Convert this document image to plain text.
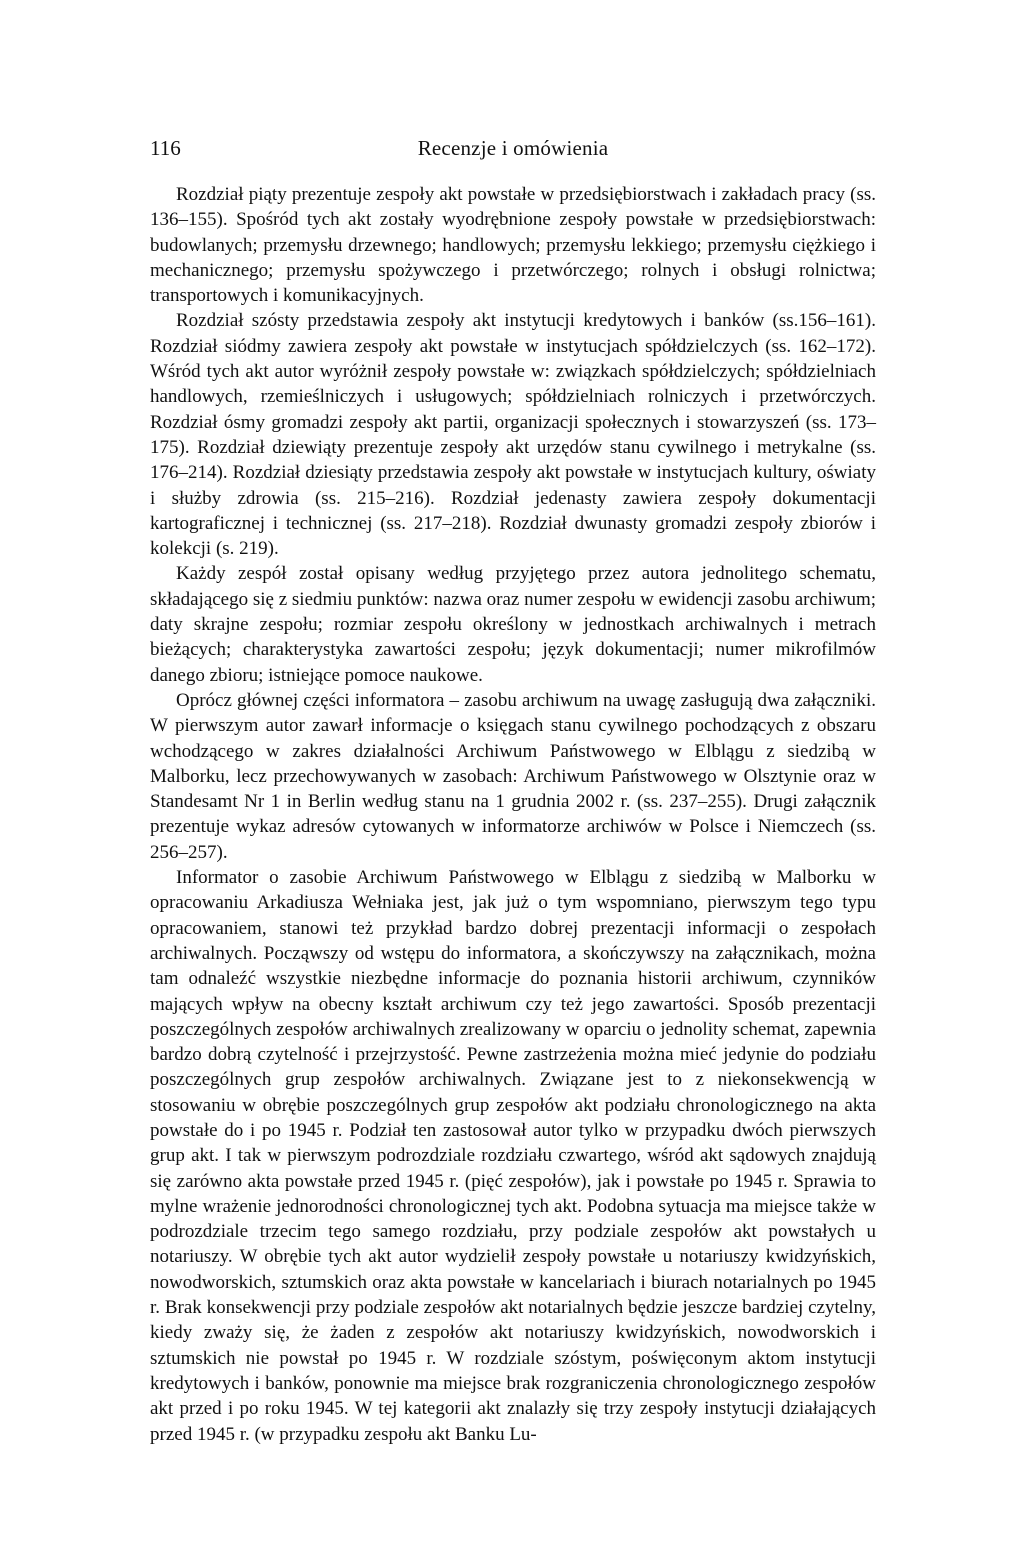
116	Recenzje i omówienia

Rozdział piąty prezentuje zespoły akt powstałe w przedsiębiorstwach i zakładach pracy (ss. 136–155). Spośród tych akt zostały wyodrębnione zespoły powstałe w przedsiębiorstwach: budowlanych; przemysłu drzewnego; handlowych; przemysłu lekkiego; przemysłu ciężkiego i mechanicznego; przemysłu spożywczego i przetwórczego; rolnych i obsługi rolnictwa; transportowych i komunikacyjnych.

Rozdział szósty przedstawia zespoły akt instytucji kredytowych i banków (ss.156–161). Rozdział siódmy zawiera zespoły akt powstałe w instytucjach spółdzielczych (ss. 162–172). Wśród tych akt autor wyróżnił zespoły powstałe w: związkach spółdzielczych; spółdzielniach handlowych, rzemieślniczych i usługowych; spółdzielniach rolniczych i przetwórczych. Rozdział ósmy gromadzi zespoły akt partii, organizacji społecznych i stowarzyszeń (ss. 173–175). Rozdział dziewiąty prezentuje zespoły akt urzędów stanu cywilnego i metrykalne (ss. 176–214). Rozdział dziesiąty przedstawia zespoły akt powstałe w instytucjach kultury, oświaty i służby zdrowia (ss. 215–216). Rozdział jedenasty zawiera zespoły dokumentacji kartograficznej i technicznej (ss. 217–218). Rozdział dwunasty gromadzi zespoły zbiorów i kolekcji (s. 219).

Każdy zespół został opisany według przyjętego przez autora jednolitego schematu, składającego się z siedmiu punktów: nazwa oraz numer zespołu w ewidencji zasobu archiwum; daty skrajne zespołu; rozmiar zespołu określony w jednostkach archiwalnych i metrach bieżących; charakterystyka zawartości zespołu; język dokumentacji; numer mikrofilmów danego zbioru; istniejące pomoce naukowe.

Oprócz głównej części informatora – zasobu archiwum na uwagę zasługują dwa załączniki. W pierwszym autor zawarł informacje o księgach stanu cywilnego pochodzących z obszaru wchodzącego w zakres działalności Archiwum Państwowego w Elblągu z siedzibą w Malborku, lecz przechowywanych w zasobach: Archiwum Państwowego w Olsztynie oraz w Standesamt Nr 1 in Berlin według stanu na 1 grudnia 2002 r. (ss. 237–255). Drugi załącznik prezentuje wykaz adresów cytowanych w informatorze archiwów w Polsce i Niemczech (ss. 256–257).

Informator o zasobie Archiwum Państwowego w Elblągu z siedzibą w Malborku w opracowaniu Arkadiusza Wełniaka jest, jak już o tym wspomniano, pierwszym tego typu opracowaniem, stanowi też przykład bardzo dobrej prezentacji informacji o zespołach archiwalnych. Począwszy od wstępu do informatora, a skończywszy na załącznikach, można tam odnaleźć wszystkie niezbędne informacje do poznania historii archiwum, czynników mających wpływ na obecny kształt archiwum czy też jego zawartości. Sposób prezentacji poszczególnych zespołów archiwalnych zrealizowany w oparciu o jednolity schemat, zapewnia bardzo dobrą czytelność i przejrzystość. Pewne zastrzeżenia można mieć jedynie do podziału poszczególnych grup zespołów archiwalnych. Związane jest to z niekonsekwencją w stosowaniu w obrębie poszczególnych grup zespołów akt podziału chronologicznego na akta powstałe do i po 1945 r. Podział ten zastosował autor tylko w przypadku dwóch pierwszych grup akt. I tak w pierwszym podrozdziale rozdziału czwartego, wśród akt sądowych znajdują się zarówno akta powstałe przed 1945 r. (pięć zespołów), jak i powstałe po 1945 r. Sprawia to mylne wrażenie jednorodności chronologicznej tych akt. Podobna sytuacja ma miejsce także w podrozdziale trzecim tego samego rozdziału, przy podziale zespołów akt powstałych u notariuszy. W obrębie tych akt autor wydzielił zespoły powstałe u notariuszy kwidzyńskich, nowodworskich, sztumskich oraz akta powstałe w kancelariach i biurach notarialnych po 1945 r. Brak konsekwencji przy podziale zespołów akt notarialnych będzie jeszcze bardziej czytelny, kiedy zważy się, że żaden z zespołów akt notariuszy kwidzyńskich, nowodworskich i sztumskich nie powstał po 1945 r. W rozdziale szóstym, poświęconym aktom instytucji kredytowych i banków, ponownie ma miejsce brak rozgraniczenia chronologicznego zespołów akt przed i po roku 1945. W tej kategorii akt znalazły się trzy zespoły instytucji działających przed 1945 r. (w przypadku zespołu akt Banku Lu-
